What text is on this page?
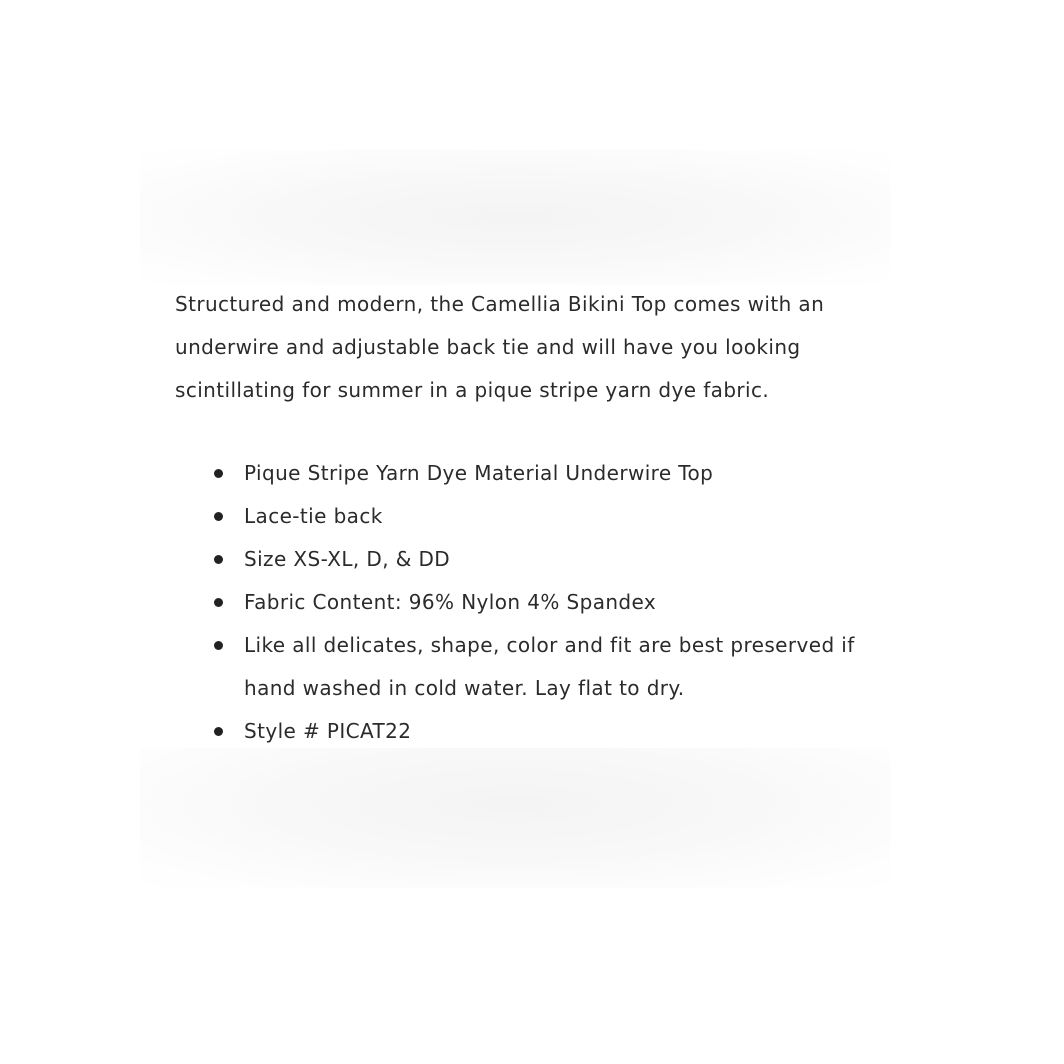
Structured and modern, the Camellia Bikini Top comes with an underwire and adjustable back tie and will have you looking scintillating for summer in a pique stripe yarn dye fabric.

Pique Stripe Yarn Dye Material Underwire Top
Lace-tie back
Size XS-XL, D, & DD
Fabric Content: 96% Nylon 4% Spandex
Like all delicates, shape, color and fit are best preserved if hand washed in cold water. Lay flat to dry.
Style # PICAT22
